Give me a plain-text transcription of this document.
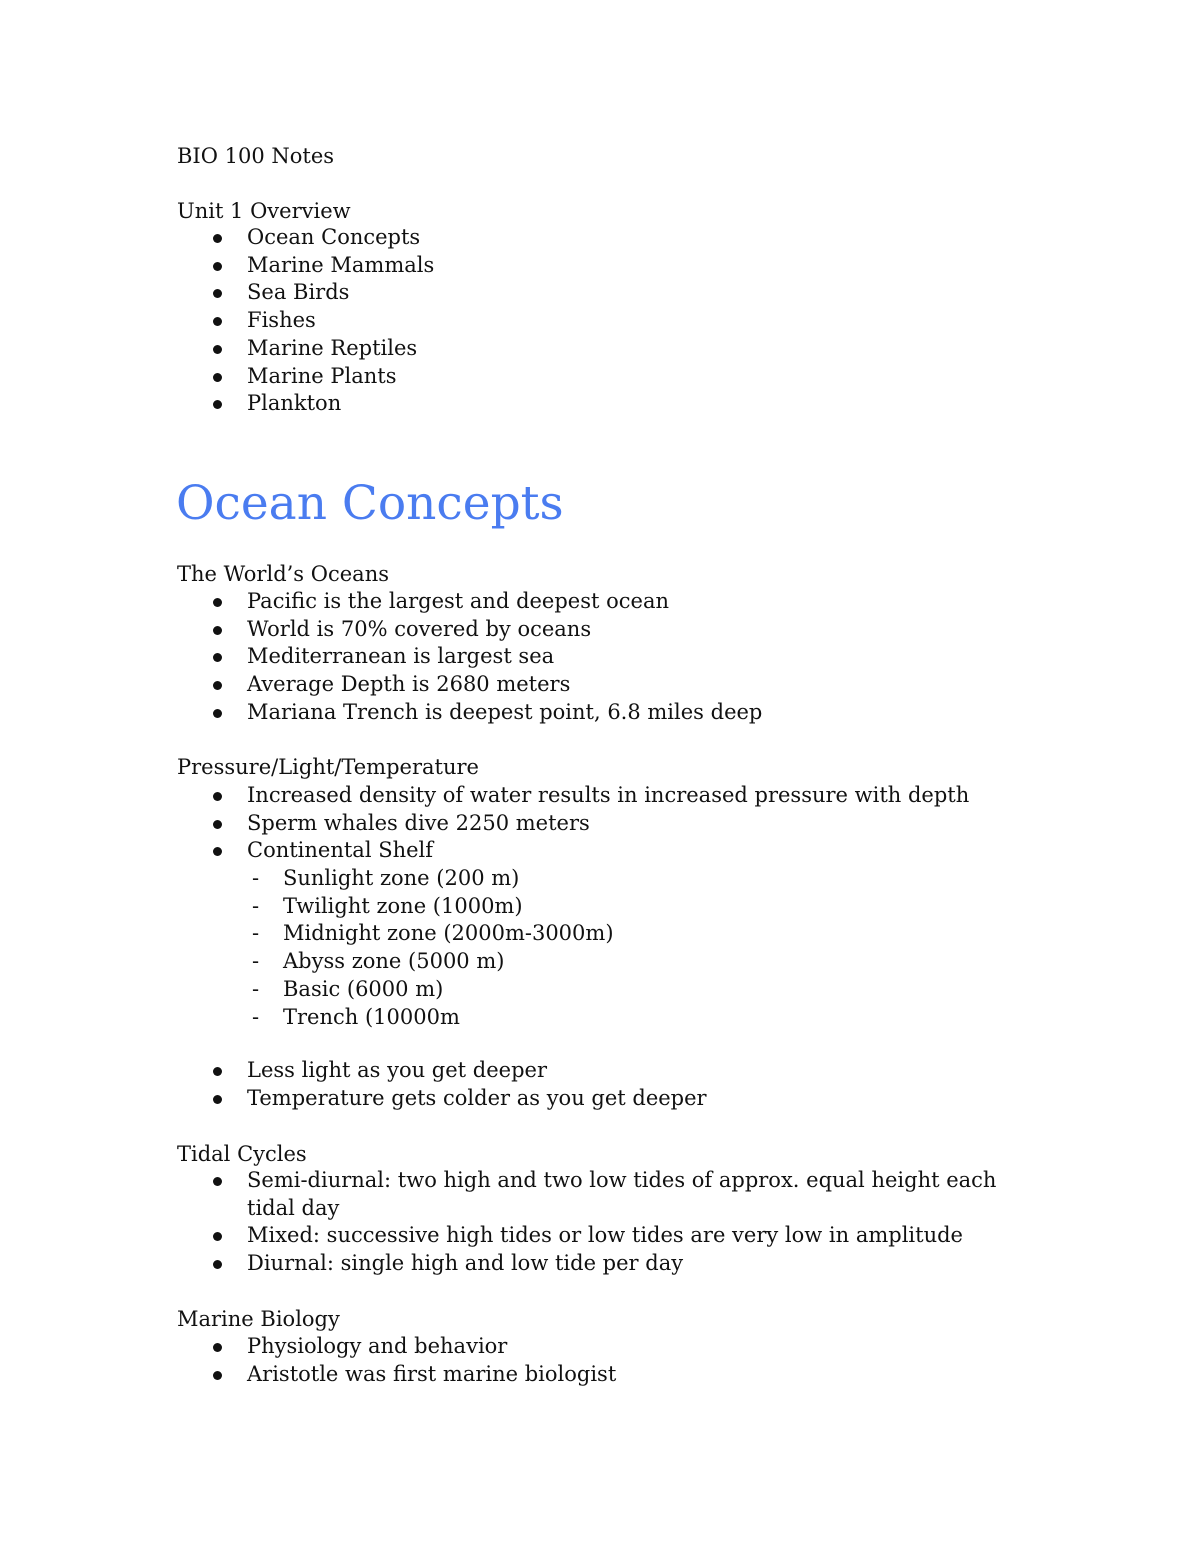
BIO 100 Notes
Unit 1 Overview
Ocean Concepts
Marine Mammals
Sea Birds
Fishes
Marine Reptiles
Marine Plants
Plankton
Ocean Concepts
The World’s Oceans
Pacific is the largest and deepest ocean
World is 70% covered by oceans
Mediterranean is largest sea
Average Depth is 2680 meters
Mariana Trench is deepest point, 6.8 miles deep
Pressure/Light/Temperature
Increased density of water results in increased pressure with depth
Sperm whales dive 2250 meters
Continental Shelf
- Sunlight zone (200 m)
- Twilight zone (1000m)
- Midnight zone (2000m-3000m)
- Abyss zone (5000 m)
- Basic (6000 m)
- Trench (10000m
Less light as you get deeper
Temperature gets colder as you get deeper
Tidal Cycles
Semi-diurnal: two high and two low tides of approx. equal height each tidal day
Mixed: successive high tides or low tides are very low in amplitude
Diurnal: single high and low tide per day
Marine Biology
Physiology and behavior
Aristotle was first marine biologist
